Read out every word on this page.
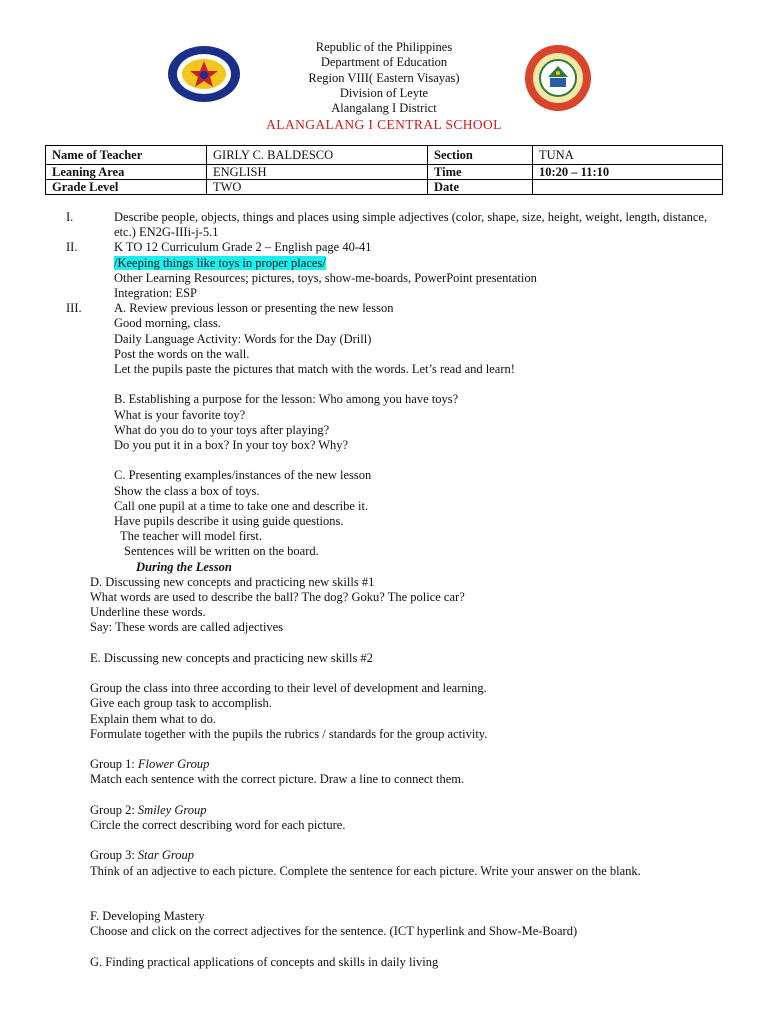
Republic of the Philippines
Department of Education
Region VIII( Eastern Visayas)
Division of Leyte
Alangalang I District
ALANGALANG I CENTRAL SCHOOL
Name of Teacher	GIRLY C. BALDESCO	Section	TUNA
Leaning Area	ENGLISH	Time	10:20 – 11:10
Grade Level	TWO	Date	
I.	Describe people, objects, things and places using simple adjectives (color, shape, size, height, weight, length, distance, etc.) EN2G-IIIi-j-5.1
II.	K TO 12 Curriculum Grade 2 – English page 40-41
/Keeping things like toys in proper places/
Other Learning Resources; pictures, toys, show-me-boards, PowerPoint presentation
Integration: ESP
III.	A. Review previous lesson or presenting the new lesson
Good morning, class.
Daily Language Activity: Words for the Day (Drill)
Post the words on the wall.
Let the pupils paste the pictures that match with the words. Let’s read and learn!
B. Establishing a purpose for the lesson: Who among you have toys?
What is your favorite toy?
What do you do to your toys after playing?
Do you put it in a box? In your toy box? Why?
C. Presenting examples/instances of the new lesson
Show the class a box of toys.
Call one pupil at a time to take one and describe it.
Have pupils describe it using guide questions.
The teacher will model first.
Sentences will be written on the board.
During the Lesson
D. Discussing new concepts and practicing new skills #1
What words are used to describe the ball? The dog? Goku? The police car?
Underline these words.
Say: These words are called adjectives
E. Discussing new concepts and practicing new skills #2
Group the class into three according to their level of development and learning.
Give each group task to accomplish.
Explain them what to do.
Formulate together with the pupils the rubrics / standards for the group activity.
Group 1: Flower Group
Match each sentence with the correct picture. Draw a line to connect them.
Group 2: Smiley Group
Circle the correct describing word for each picture.
Group 3: Star Group
Think of an adjective to each picture. Complete the sentence for each picture. Write your answer on the blank.
F. Developing Mastery
Choose and click on the correct adjectives for the sentence. (ICT hyperlink and Show-Me-Board)
G. Finding practical applications of concepts and skills in daily living
